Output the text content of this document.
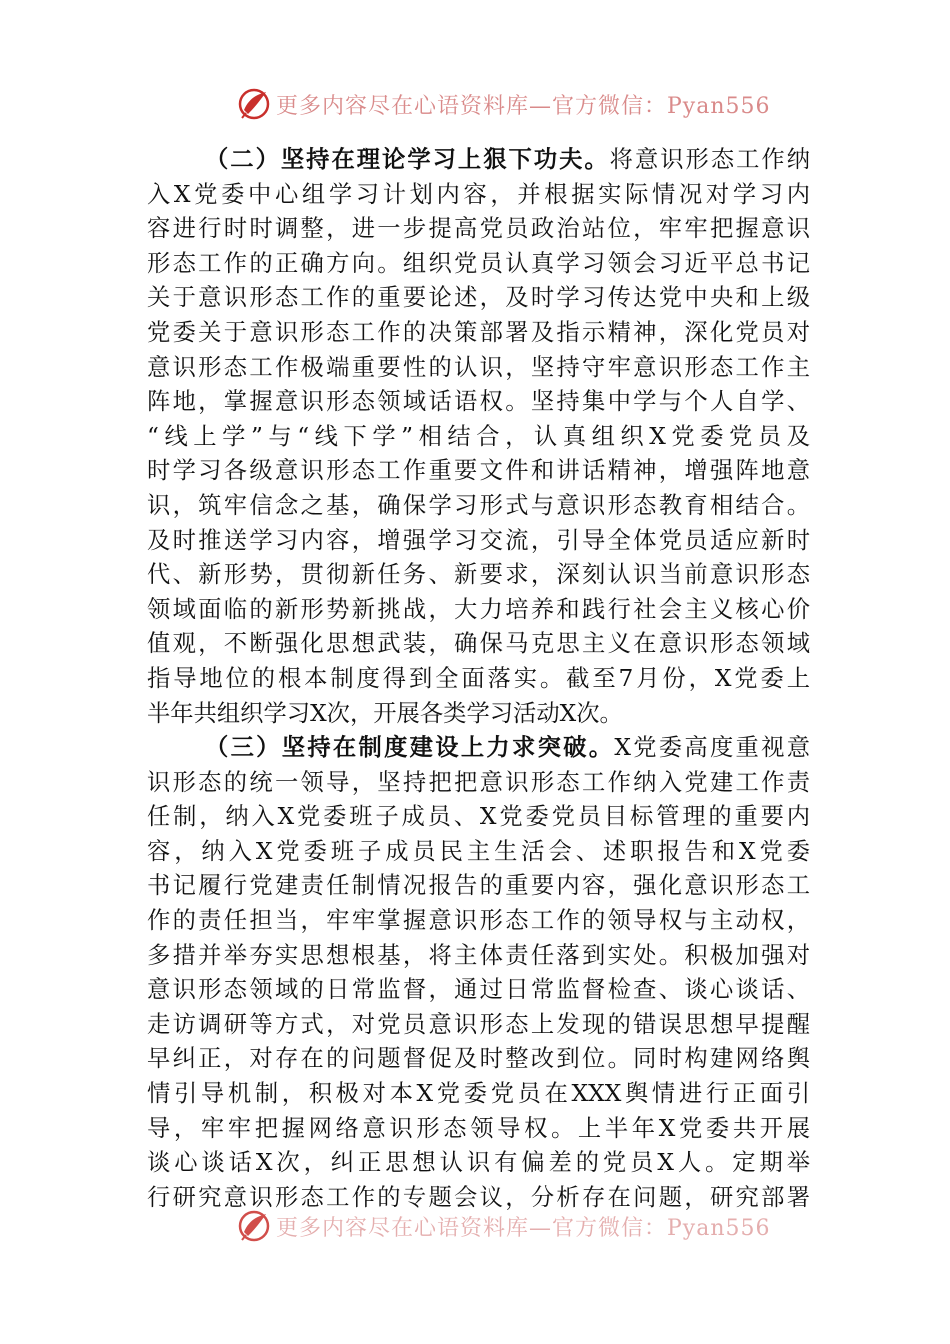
更多内容尽在心语资料库—官方微信：Pyan556
（二）坚持在理论学习上狠下功夫。将意识形态工作纳
入X党委中心组学习计划内容，并根据实际情况对学习内
容进行时时调整，进一步提高党员政治站位，牢牢把握意识
形态工作的正确方向。组织党员认真学习领会习近平总书记
关于意识形态工作的重要论述，及时学习传达党中央和上级
党委关于意识形态工作的决策部署及指示精神，深化党员对
意识形态工作极端重要性的认识，坚持守牢意识形态工作主
阵地，掌握意识形态领域话语权。坚持集中学与个人自学、
“线上学”与“线下学”相结合，认真组织X党委党员及
时学习各级意识形态工作重要文件和讲话精神，增强阵地意
识，筑牢信念之基，确保学习形式与意识形态教育相结合。
及时推送学习内容，增强学习交流，引导全体党员适应新时
代、新形势，贯彻新任务、新要求，深刻认识当前意识形态
领域面临的新形势新挑战，大力培养和践行社会主义核心价
值观，不断强化思想武装，确保马克思主义在意识形态领域
指导地位的根本制度得到全面落实。截至7月份，X党委上
半年共组织学习X次，开展各类学习活动X次。
（三）坚持在制度建设上力求突破。X党委高度重视意
识形态的统一领导，坚持把把意识形态工作纳入党建工作责
任制，纳入X党委班子成员、X党委党员目标管理的重要内
容，纳入X党委班子成员民主生活会、述职报告和X党委
书记履行党建责任制情况报告的重要内容，强化意识形态工
作的责任担当，牢牢掌握意识形态工作的领导权与主动权，
多措并举夯实思想根基，将主体责任落到实处。积极加强对
意识形态领域的日常监督，通过日常监督检查、谈心谈话、
走访调研等方式，对党员意识形态上发现的错误思想早提醒
早纠正，对存在的问题督促及时整改到位。同时构建网络舆
情引导机制，积极对本X党委党员在XXX舆情进行正面引
导，牢牢把握网络意识形态领导权。上半年X党委共开展
谈心谈话X次，纠正思想认识有偏差的党员X人。定期举
行研究意识形态工作的专题会议，分析存在问题，研究部署
更多内容尽在心语资料库—官方微信：Pyan556
